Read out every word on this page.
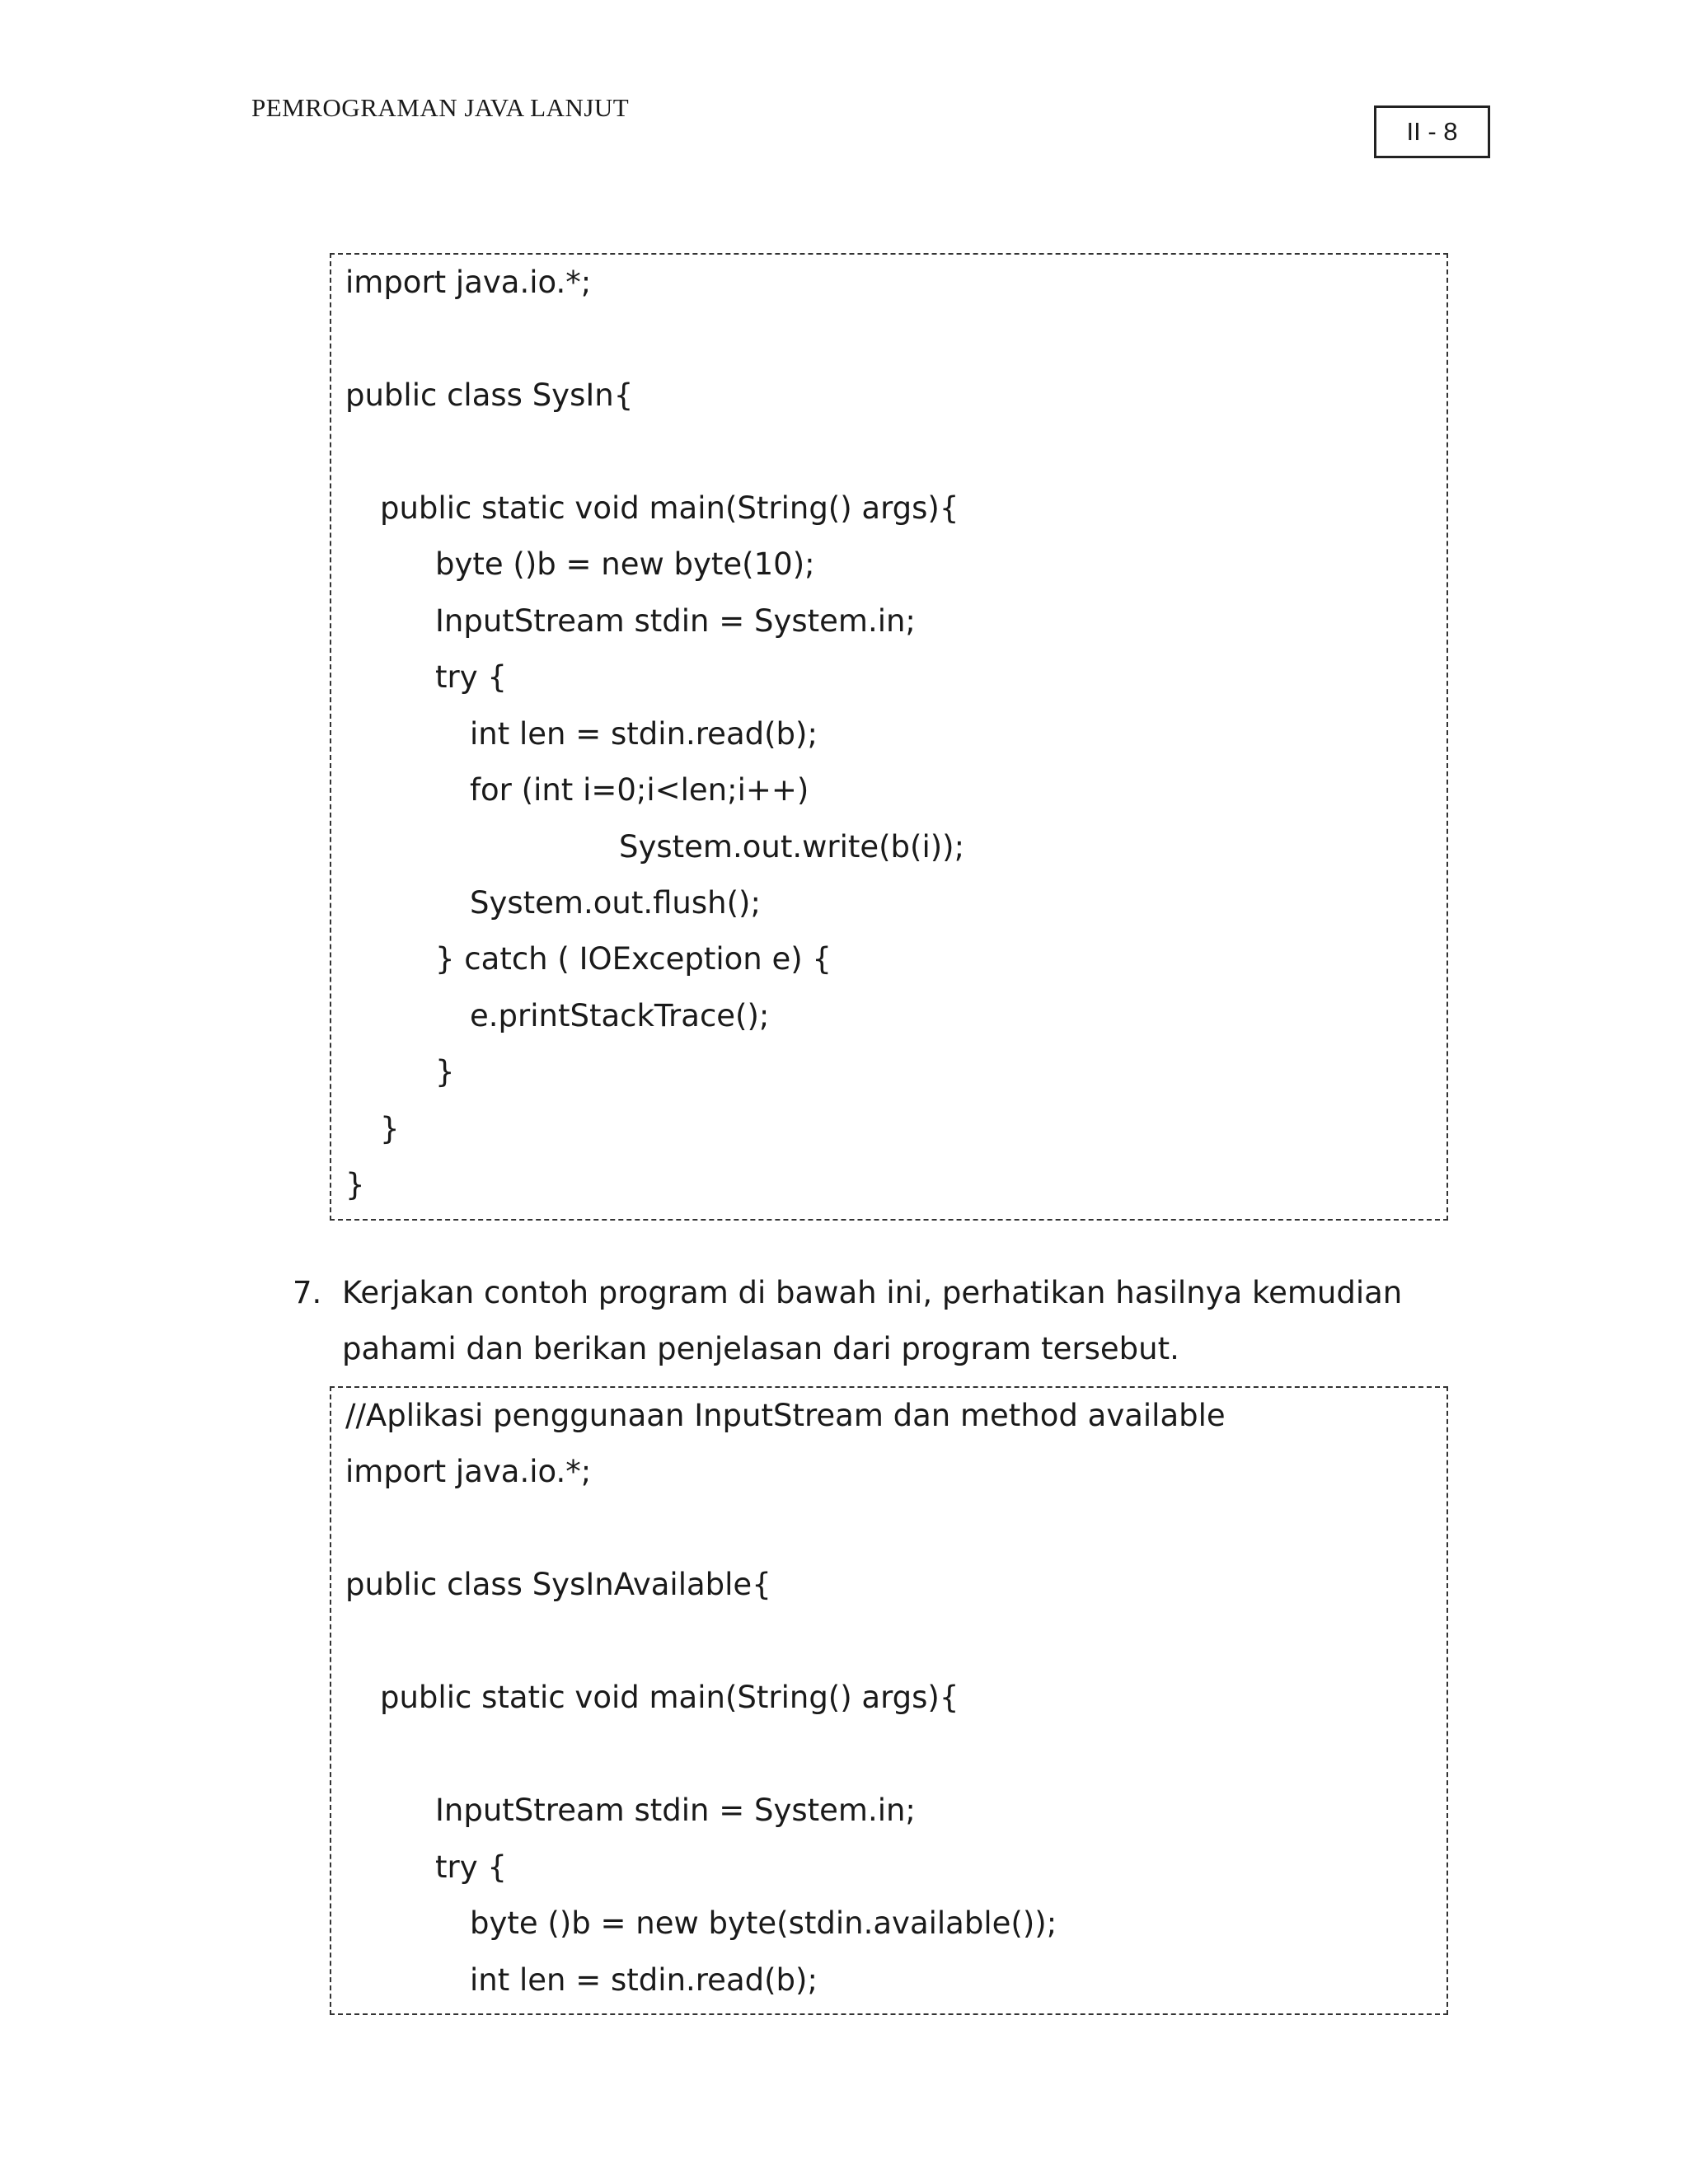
PEMROGRAMAN JAVA LANJUT
II - 8
import java.io.*;
public class SysIn{
public static void main(String() args){
byte ()b = new byte(10);
InputStream stdin = System.in;
try {
int len = stdin.read(b);
for (int i=0;i<len;i++)
System.out.write(b(i));
System.out.flush();
} catch ( IOException e) {
e.printStackTrace();
}
}
}
7. Kerjakan contoh program di bawah ini, perhatikan hasilnya kemudian
pahami dan berikan penjelasan dari program tersebut.
//Aplikasi penggunaan InputStream dan method available
import java.io.*;
public class SysInAvailable{
public static void main(String() args){
InputStream stdin = System.in;
try {
byte ()b = new byte(stdin.available());
int len = stdin.read(b);
